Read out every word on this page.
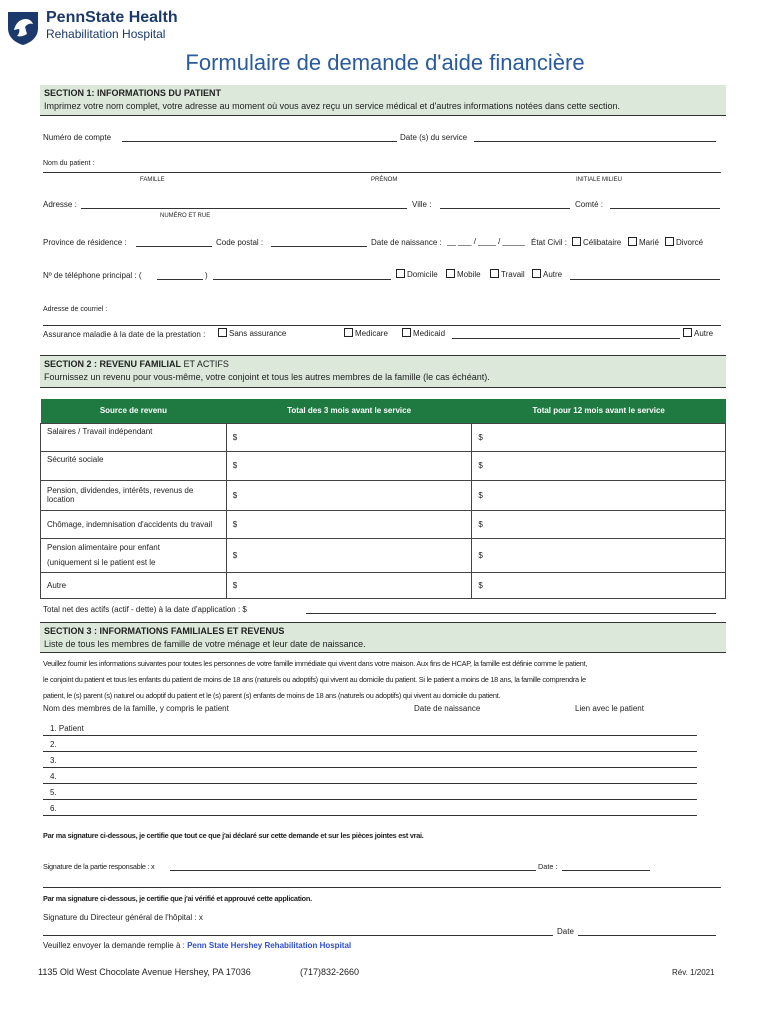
PennState Health
Rehabilitation Hospital
Formulaire de demande d'aide financière
SECTION 1: INFORMATIONS DU PATIENT
Imprimez votre nom complet, votre adresse au moment où vous avez reçu un service médical et d'autres informations notées dans cette section.
Numéro de compte	Date (s) du service
Nom du patient :
FAMILLE	PRÉNOM	INITIALE MILIEU
Adresse :	Ville :	Comté :
NUMÉRO ET RUE
Province de résidence :	Code postal :	Date de naissance : __ ___ / ____ / _____ État Civil :	Célibataire	Marié	Divorcé
Nº de téléphone principal : (	)	Domicile	Mobile	Travail	Autre
Adresse de courriel :
Assurance maladie à la date de la prestation :	Sans assurance	Medicare	Medicaid	Autre
SECTION 2 : REVENU FAMILIAL ET ACTIFS
Fournissez un revenu pour vous-même, votre conjoint et tous les autres membres de la famille (le cas échéant).
Source de revenu	Total des 3 mois avant le service	Total pour 12 mois avant le service
Salaires / Travail indépendant	$	$
Sécurité sociale	$	$
Pension, dividendes, intérêts, revenus de location	$	$
Chômage, indemnisation d'accidents du travail	$	$

Pension alimentaire pour enfant
(uniquement si le patient est le	$	$
Autre	$	$
Total net des actifs (actif - dette) à la date d'application : $
SECTION 3 : INFORMATIONS FAMILIALES ET REVENUS
Liste de tous les membres de famille de votre ménage et leur date de naissance.
Veuillez fournir les informations suivantes pour toutes les personnes de votre famille immédiate qui vivent dans votre maison. Aux fins de HCAP, la famille est définie comme le patient,
le conjoint du patient et tous les enfants du patient de moins de 18 ans (naturels ou adoptifs) qui vivent au domicile du patient. Si le patient a moins de 18 ans, la famille comprendra le
patient, le (s) parent (s) naturel ou adoptif du patient et le (s) parent (s) enfants de moins de 18 ans (naturels ou adoptifs) qui vivent au domicile du patient.
Nom des membres de la famille, y compris le patient	Date de naissance	Lien avec le patient
1. Patient
2.
3.
4.
5.
6.
Par ma signature ci-dessous, je certifie que tout ce que j'ai déclaré sur cette demande et sur les pièces jointes est vrai.
Signature de la partie responsable : x	Date :
Par ma signature ci-dessous, je certifie que j'ai vérifié et approuvé cette application.
Signature du Directeur général de l'hôpital : x
Date
Veuillez envoyer la demande remplie à : Penn State Hershey Rehabilitation Hospital
1135 Old West Chocolate Avenue Hershey, PA 17036	(717)832-2660	Rév. 1/2021
